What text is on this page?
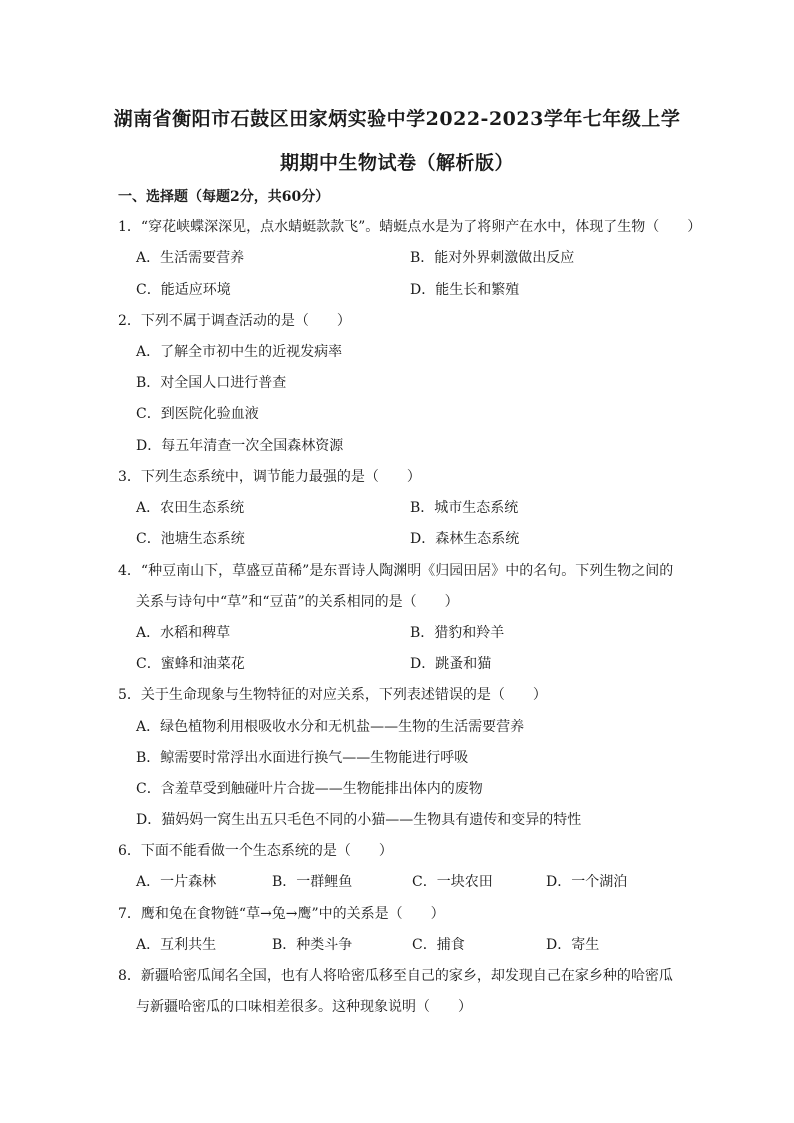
湖南省衡阳市石鼓区田家炳实验中学2022-2023学年七年级上学
期期中生物试卷（解析版）
一、选择题（每题2分，共60分）
1．“穿花峡蝶深深见，点水蜻蜓款款飞”。蜻蜓点水是为了将卵产在水中，体现了生物（　　）
A．生活需要营养	B．能对外界刺激做出反应
C．能适应环境	D．能生长和繁殖
2．下列不属于调查活动的是（　　）
A．了解全市初中生的近视发病率
B．对全国人口进行普查
C．到医院化验血液
D．每五年清查一次全国森林资源
3．下列生态系统中，调节能力最强的是（　　）
A．农田生态系统	B．城市生态系统
C．池塘生态系统	D．森林生态系统
4．“种豆南山下，草盛豆苗稀”是东晋诗人陶渊明《归园田居》中的名句。下列生物之间的
关系与诗句中“草”和“豆苗”的关系相同的是（　　）
A．水稻和稗草	B．猎豹和羚羊
C．蜜蜂和油菜花	D．跳蚤和猫
5．关于生命现象与生物特征的对应关系，下列表述错误的是（　　）
A．绿色植物利用根吸收水分和无机盐——生物的生活需要营养
B．鲸需要时常浮出水面进行换气——生物能进行呼吸
C．含羞草受到触碰叶片合拢——生物能排出体内的废物
D．猫妈妈一窝生出五只毛色不同的小猫——生物具有遗传和变异的特性
6．下面不能看做一个生态系统的是（　　）
A．一片森林	B．一群鲤鱼	C．一块农田	D．一个湖泊
7．鹰和兔在食物链“草→兔→鹰”中的关系是（　　）
A．互利共生	B．种类斗争	C．捕食	D．寄生
8．新疆哈密瓜闻名全国，也有人将哈密瓜移至自己的家乡，却发现自己在家乡种的哈密瓜
与新疆哈密瓜的口味相差很多。这种现象说明（　　）
